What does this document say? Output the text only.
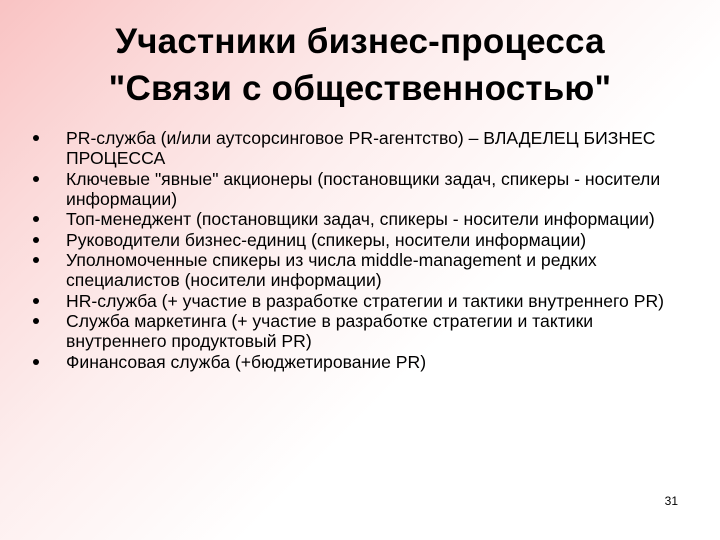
Участники бизнес-процесса
"Связи с общественностью"
PR-служба (и/или аутсорсинговое PR-агентство) – ВЛАДЕЛЕЦ БИЗНЕС ПРОЦЕССА
Ключевые "явные" акционеры (постановщики задач, спикеры - носители информации)
Топ-менеджент (постановщики задач, спикеры - носители информации)
Руководители бизнес-единиц (спикеры, носители информации)
Уполномоченные спикеры из числа middle-management и редких специалистов (носители информации)
HR-служба (+ участие в разработке стратегии и тактики внутреннего PR)
Служба маркетинга (+ участие в разработке стратегии и тактики внутреннего продуктовый PR)
Финансовая служба (+бюджетирование PR)
31
